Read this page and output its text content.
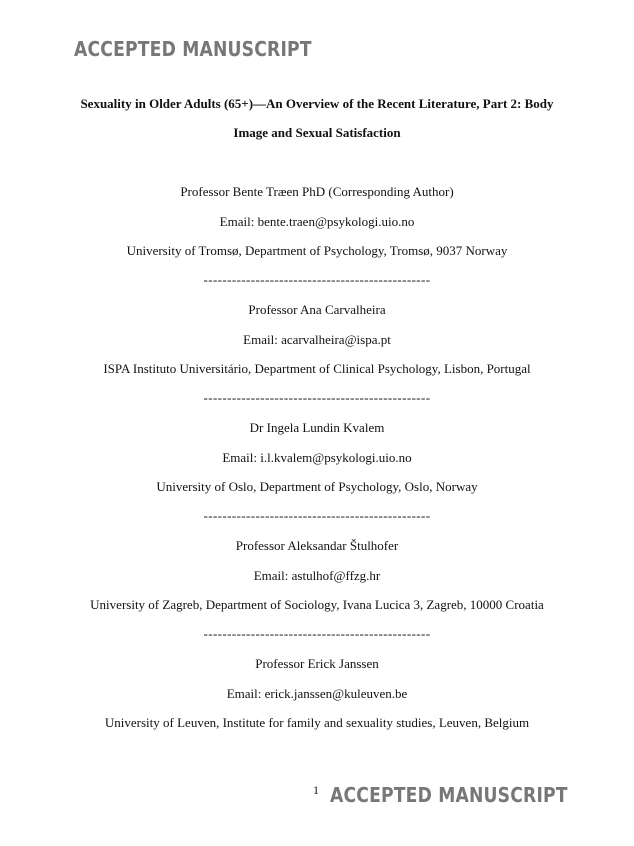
ACCEPTED MANUSCRIPT
Sexuality in Older Adults (65+)—An Overview of the Recent Literature, Part 2: Body
Image and Sexual Satisfaction
Professor Bente Træen PhD (Corresponding Author)
Email: bente.traen@psykologi.uio.no
University of Tromsø, Department of Psychology, Tromsø, 9037 Norway
------------------------------------------------
Professor Ana Carvalheira
Email: acarvalheira@ispa.pt
ISPA Instituto Universitário, Department of Clinical Psychology, Lisbon, Portugal
------------------------------------------------
Dr Ingela Lundin Kvalem
Email: i.l.kvalem@psykologi.uio.no
University of Oslo, Department of Psychology, Oslo, Norway
------------------------------------------------
Professor Aleksandar Štulhofer
Email: astulhof@ffzg.hr
University of Zagreb, Department of Sociology, Ivana Lucica 3, Zagreb, 10000 Croatia
------------------------------------------------
Professor Erick Janssen
Email: erick.janssen@kuleuven.be
University of Leuven, Institute for family and sexuality studies, Leuven, Belgium
1 ACCEPTED MANUSCRIPT
